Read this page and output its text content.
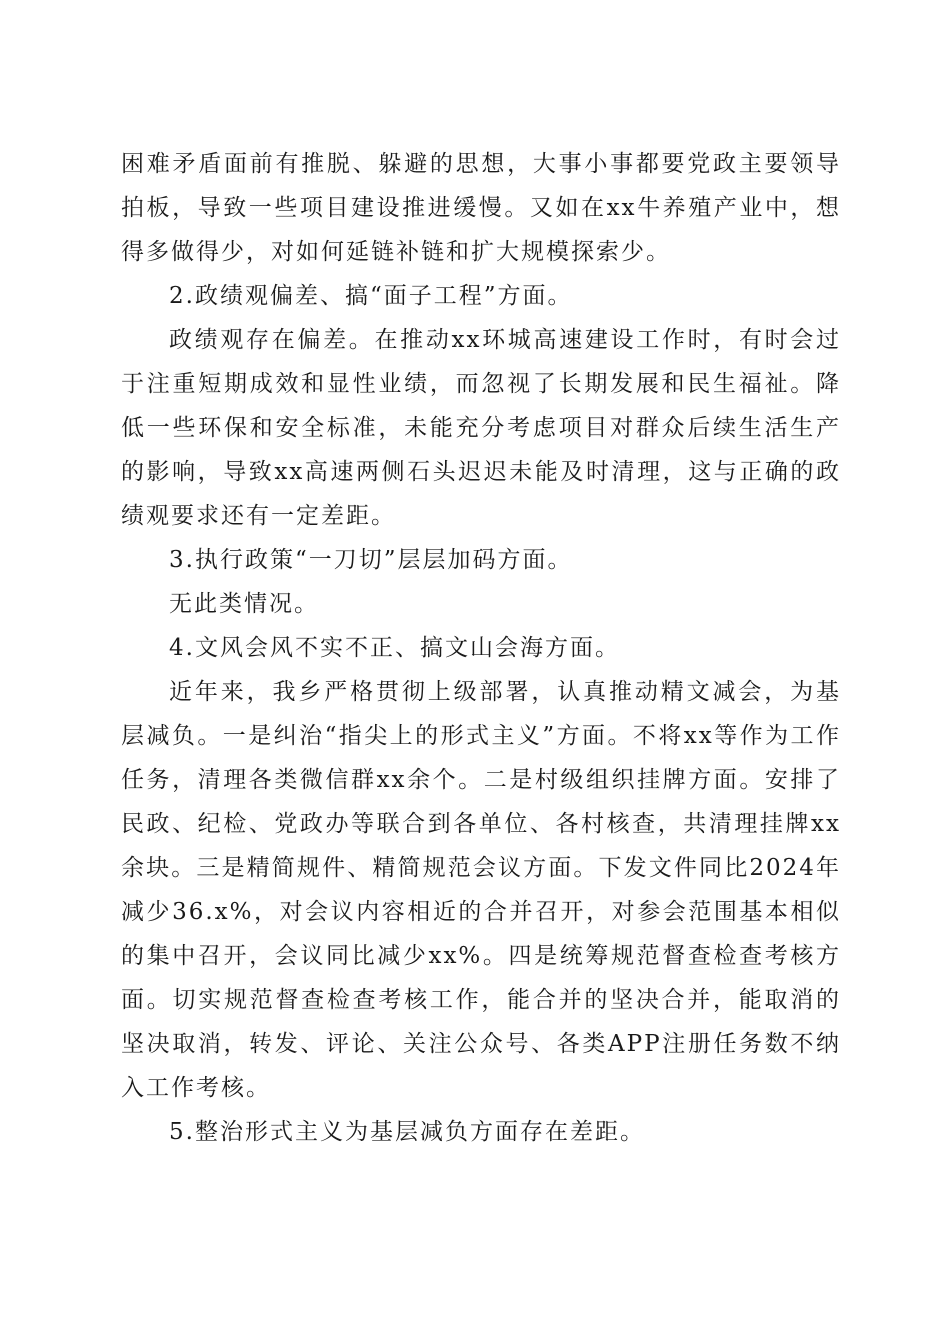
困难矛盾面前有推脱、躲避的思想，大事小事都要党政主要领导拍板，导致一些项目建设推进缓慢。又如在xx牛养殖产业中，想得多做得少，对如何延链补链和扩大规模探索少。

2.政绩观偏差、搞“面子工程”方面。

政绩观存在偏差。在推动xx环城高速建设工作时，有时会过于注重短期成效和显性业绩，而忽视了长期发展和民生福祉。降低一些环保和安全标准，未能充分考虑项目对群众后续生活生产的影响，导致xx高速两侧石头迟迟未能及时清理，这与正确的政绩观要求还有一定差距。

3.执行政策“一刀切”层层加码方面。

无此类情况。

4.文风会风不实不正、搞文山会海方面。

近年来，我乡严格贯彻上级部署，认真推动精文减会，为基层减负。一是纠治“指尖上的形式主义”方面。不将xx等作为工作任务，清理各类微信群xx余个。二是村级组织挂牌方面。安排了民政、纪检、党政办等联合到各单位、各村核查，共清理挂牌xx余块。三是精简规件、精简规范会议方面。下发文件同比2024年减少36.x%，对会议内容相近的合并召开，对参会范围基本相似的集中召开，会议同比减少xx%。四是统筹规范督查检查考核方面。切实规范督查检查考核工作，能合并的坚决合并，能取消的坚决取消，转发、评论、关注公众号、各类APP注册任务数不纳入工作考核。

5.整治形式主义为基层减负方面存在差距。
